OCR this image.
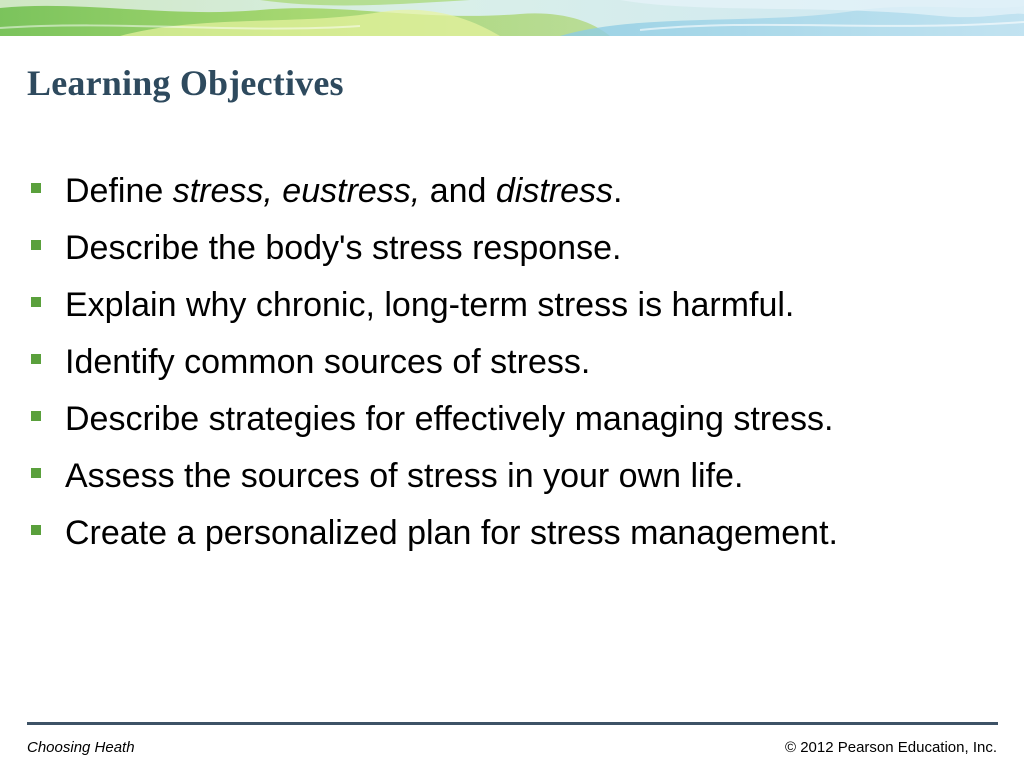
Learning Objectives
Define stress, eustress, and distress.
Describe the body's stress response.
Explain why chronic, long-term stress is harmful.
Identify common sources of stress.
Describe strategies for effectively managing stress.
Assess the sources of stress in your own life.
Create a personalized plan for stress management.
Choosing Heath	© 2012 Pearson Education, Inc.
